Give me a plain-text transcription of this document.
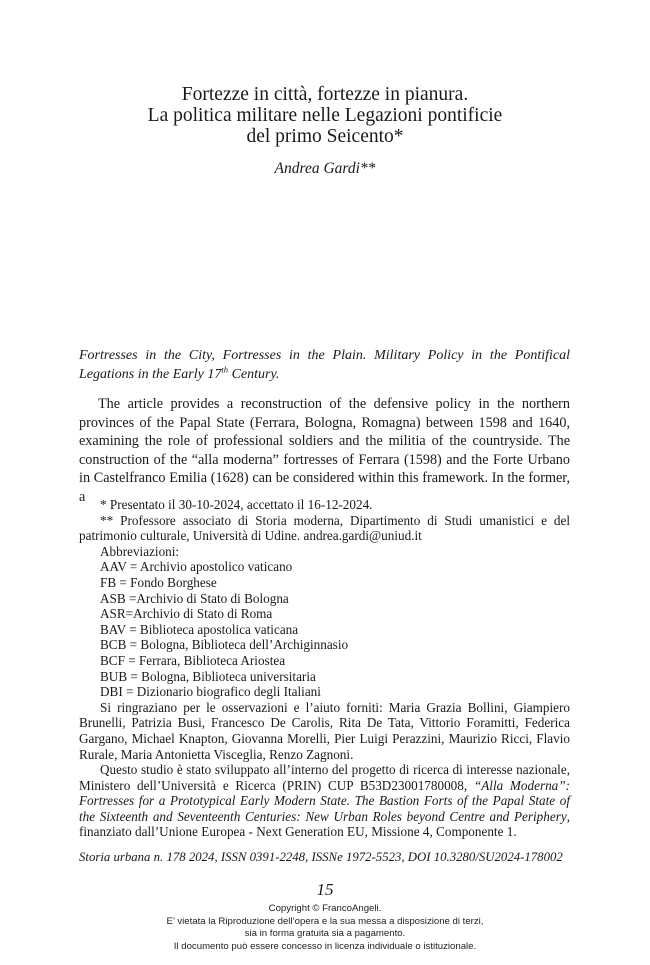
Fortezze in città, fortezze in pianura.
La politica militare nelle Legazioni pontificie
del primo Seicento*
Andrea Gardi**
Fortresses in the City, Fortresses in the Plain. Military Policy in the Pontifical Legations in the Early 17th Century.
The article provides a reconstruction of the defensive policy in the northern provinces of the Papal State (Ferrara, Bologna, Romagna) between 1598 and 1640, examining the role of professional soldiers and the militia of the countryside. The construction of the “alla moderna” fortresses of Ferrara (1598) and the Forte Urbano in Castelfranco Emilia (1628) can be considered within this framework. In the former, a	* Presentato il 30-10-2024, accettato il 16-12-2024.
** Professore associato di Storia moderna, Dipartimento di Studi umanistici e del patrimonio culturale, Università di Udine. andrea.gardi@uniud.it
Abbreviazioni:
AAV = Archivio apostolico vaticano
FB = Fondo Borghese
ASB =Archivio di Stato di Bologna
ASR=Archivio di Stato di Roma
BAV = Biblioteca apostolica vaticana
BCB = Bologna, Biblioteca dell’Archiginnasio
BCF = Ferrara, Biblioteca Ariostea
BUB = Bologna, Biblioteca universitaria
DBI = Dizionario biografico degli Italiani
Si ringraziano per le osservazioni e l’aiuto forniti: Maria Grazia Bollini, Giampiero Brunelli, Patrizia Busi, Francesco De Carolis, Rita De Tata, Vittorio Foramitti, Federica Gargano, Michael Knapton, Giovanna Morelli, Pier Luigi Perazzini, Maurizio Ricci, Flavio Rurale, Maria Antonietta Visceglia, Renzo Zagnoni.
Questo studio è stato sviluppato all’interno del progetto di ricerca di interesse nazionale, Ministero dell’Università e Ricerca (PRIN) CUP B53D23001780008, “Alla Moderna”: Fortresses for a Prototypical Early Modern State. The Bastion Forts of the Papal State of the Sixteenth and Seventeenth Centuries: New Urban Roles beyond Centre and Periphery, finanziato dall’Unione Europea - Next Generation EU, Missione 4, Componente 1.
Storia urbana n. 178 2024, ISSN 0391-2248, ISSNe 1972-5523, DOI 10.3280/SU2024-178002
15
Copyright © FrancoAngeli.
E’ vietata la Riproduzione dell’opera e la sua messa a disposizione di terzi,
sia in forma gratuita sia a pagamento.
Il documento può essere concesso in licenza individuale o istituzionale.
